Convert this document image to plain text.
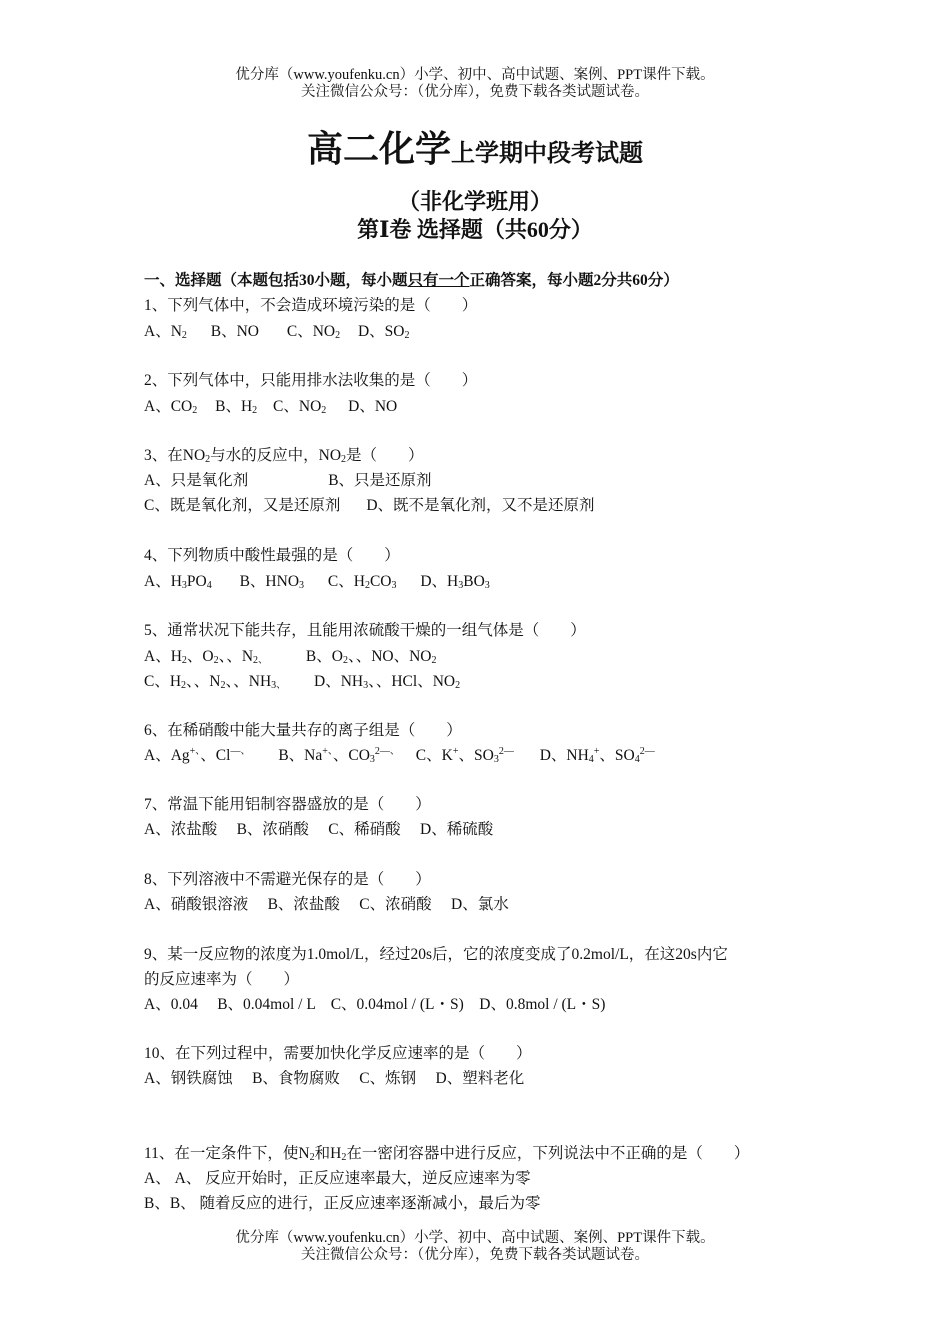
优分库（www.youfenku.cn）小学、初中、高中试题、案例、PPT课件下载。
关注微信公众号：（优分库），免费下载各类试题试卷。
高二化学上学期中段考试题
（非化学班用）
第Ⅰ卷 选择题（共60分）
一、选择题（本题包括30小题，每小题只有一个正确答案，每小题2分共60分）
1、下列气体中，不会造成环境污染的是（　　）
A、$N_2$ B、NO C、$NO_2$ D、$SO_2$
2、下列气体中，只能用排水法收集的是（　　）
A、$CO_2$ B、$H_2$ C、$NO_2$ D、NO
3、在$NO_2$与水的反应中，$NO_2$是（　　）
A、只是氧化剂	B、只是还原剂
C、既是氧化剂，又是还原剂 D、既不是氧化剂，又不是还原剂
4、下列物质中酸性最强的是（　　）
A、$H_3PO_4$ B、$HNO_3$ C、$H_2CO_3$ D、$H_3BO_3$
5、通常状况下能共存，且能用浓硫酸干燥的一组气体是（　　）
A、$H_2$、$O_2$、、$N_{2、}$ B、$O_2$、、NO、$NO_2$
C、$H_2$、、$N_2$、、$NH_{3、}$ D、$NH_3$、、HCl、$NO_2$
6、在稀硝酸中能大量共存的离子组是（　　）
A、Ag+、、Cl—、 B、Na+、、$CO_3^{2—、}$ C、K+、$SO_3^{2—}$ D、$NH_4^+$、$SO_4^{2—}$
7、常温下能用铝制容器盛放的是（　　）
A、浓盐酸　 B、浓硝酸　 C、稀硝酸　 D、稀硫酸
8、下列溶液中不需避光保存的是（　　）
A、硝酸银溶液　 B、浓盐酸　 C、浓硝酸　 D、氯水
9、某一反应物的浓度为1.0mol/L，经过20s后，它的浓度变成了0.2mol/L，在这20s内它
的反应速率为（　　）
A、0.04　 B、0.04mol / L　C、0.04mol / (L・S)　D、0.8mol / (L・S)
10、在下列过程中，需要加快化学反应速率的是（　　）
A、钢铁腐蚀　 B、食物腐败　 C、炼钢　 D、塑料老化
11、在一定条件下，使$N_2$和$H_2$在一密闭容器中进行反应，下列说法中不正确的是（　　）
A、 A、 反应开始时，正反应速率最大，逆反应速率为零
B、B、 随着反应的进行，正反应速率逐渐减小，最后为零
优分库（www.youfenku.cn）小学、初中、高中试题、案例、PPT课件下载。
关注微信公众号：（优分库），免费下载各类试题试卷。
